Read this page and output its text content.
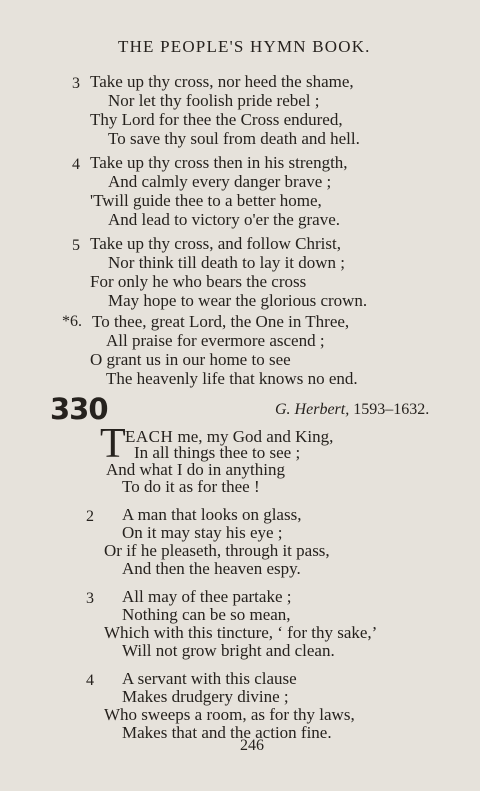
THE PEOPLE'S HYMN BOOK.
3 Take up thy cross, nor heed the shame,
Nor let thy foolish pride rebel ;
Thy Lord for thee the Cross endured,
To save thy soul from death and hell.
4 Take up thy cross then in his strength,
And calmly every danger brave ;
'Twill guide thee to a better home,
And lead to victory o'er the grave.
5 Take up thy cross, and follow Christ,
Nor think till death to lay it down ;
For only he who bears the cross
May hope to wear the glorious crown.
*6. To thee, great Lord, the One in Three,
All praise for evermore ascend ;
O grant us in our home to see
The heavenly life that knows no end.
330	G. Herbert, 1593–1632.
T EACH me, my God and King,
In all things thee to see ;
And what I do in anything
To do it as for thee !
2 A man that looks on glass,
On it may stay his eye ;
Or if he pleaseth, through it pass,
And then the heaven espy.
3 All may of thee partake ;
Nothing can be so mean,
Which with this tincture, ‘ for thy sake,’
Will not grow bright and clean.
4 A servant with this clause
Makes drudgery divine ;
Who sweeps a room, as for thy laws,
Makes that and the action fine.
246
